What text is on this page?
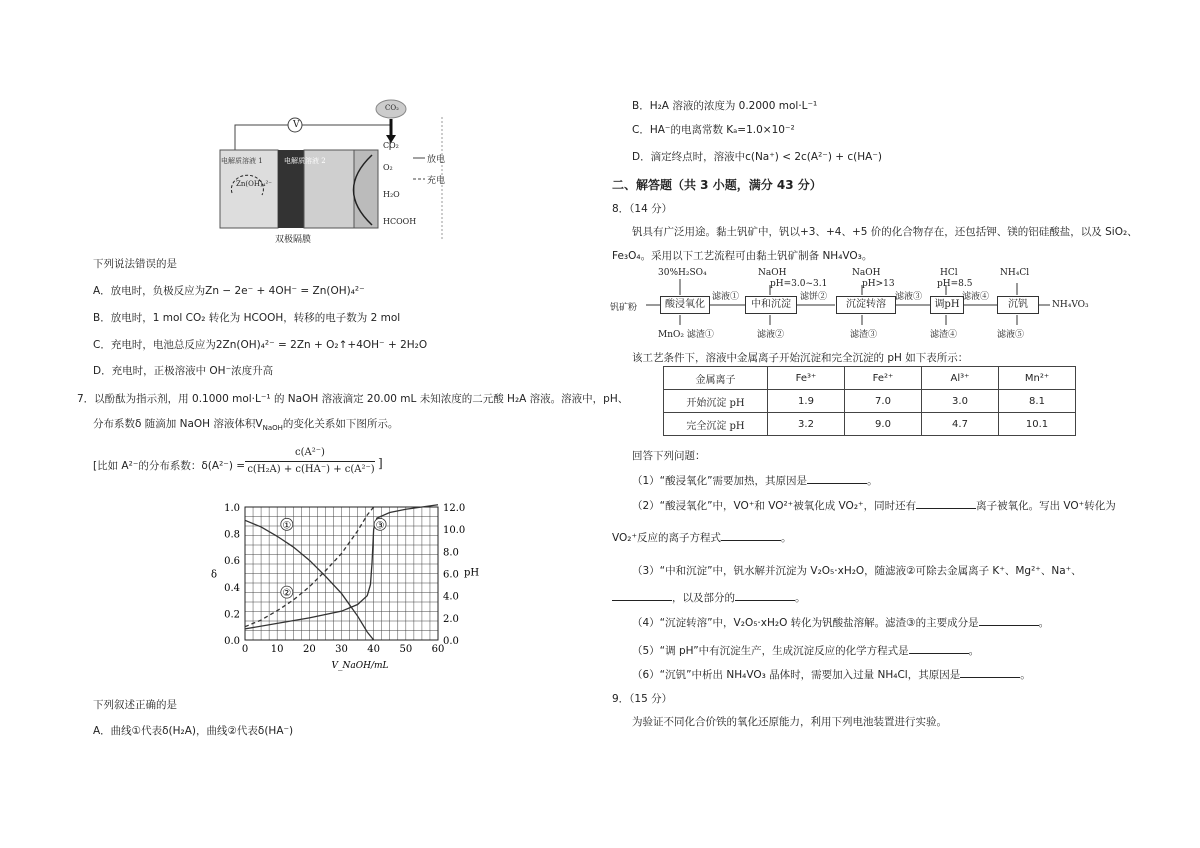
V
CO₂
CO₂
O₂
H₂O
HCOOH
放电
充电
电解质溶液 1	电解质溶液 2
Zn(OH)₄²⁻
双极隔膜
下列说法错误的是
A．放电时，负极反应为Zn − 2e⁻ + 4OH⁻ = Zn(OH)₄²⁻
B．放电时，1 mol CO₂ 转化为 HCOOH，转移的电子数为 2 mol
C．充电时，电池总反应为2Zn(OH)₄²⁻ = 2Zn + O₂↑+4OH⁻ + 2H₂O
D．充电时，正极溶液中 OH⁻浓度升高
7．以酚酞为指示剂，用 0.1000 mol·L⁻¹ 的 NaOH 溶液滴定 20.00 mL 未知浓度的二元酸 H₂A 溶液。溶液中，pH、
分布系数δ 随滴加 NaOH 溶液体积$V_{NaOH}$的变化关系如下图所示。
[比如 A²⁻的分布系数：δ(A²⁻) =
c(A²⁻)
c(H₂A) + c(HA⁻) + c(A²⁻) ]
0 10 20 30 40 50 60
0.0
0.2
0.4
0.6
0.8
1.0
0.0
2.0
4.0
6.0
8.0
10.0
12.0
V_NaOH/mL
δ	pH
①
②
③
下列叙述正确的是
A．曲线①代表δ(H₂A)，曲线②代表δ(HA⁻)
B．H₂A 溶液的浓度为 0.2000 mol·L⁻¹
C．HA⁻的电离常数 Kₐ=1.0×10⁻²
D．滴定终点时，溶液中c(Na⁺) < 2c(A²⁻) + c(HA⁻)
二、解答题（共 3 小题，满分 43 分）
8．（14 分）
钒具有广泛用途。黏土钒矿中，钒以+3、+4、+5 价的化合物存在，还包括钾、镁的铝硅酸盐，以及 SiO₂、
Fe₃O₄。采用以下工艺流程可由黏土钒矿制备 NH₄VO₃。
钒矿粉
30%H₂SO₄
酸浸氧化
MnO₂ 滤渣①
滤液①
NaOH
pH=3.0~3.1
中和沉淀
滤液②
滤饼②
NaOH
pH>13
沉淀转溶
滤渣③
滤液③
HCl
pH=8.5
调pH
滤渣④
滤液④
NH₄Cl
沉钒
滤液⑤
NH₄VO₃
该工艺条件下，溶液中金属离子开始沉淀和完全沉淀的 pH 如下表所示：
金属离子	Fe³⁺	Fe²⁺	Al³⁺	Mn²⁺
开始沉淀 pH	1.9	7.0	3.0	8.1
完全沉淀 pH	3.2	9.0	4.7	10.1
回答下列问题：
（1）“酸浸氧化”需要加热，其原因是	。
（2）“酸浸氧化”中，VO⁺和 VO²⁺被氧化成 VO₂⁺，同时还有	离子被氧化。写出 VO⁺转化为
VO₂⁺反应的离子方程式	。
（3）“中和沉淀”中，钒水解并沉淀为 V₂O₅·xH₂O，随滤液②可除去金属离子 K⁺、Mg²⁺、Na⁺、
，以及部分的	。
（4）“沉淀转溶”中，V₂O₅·xH₂O 转化为钒酸盐溶解。滤渣③的主要成分是	。
（5）“调 pH”中有沉淀生产，生成沉淀反应的化学方程式是	。
（6）“沉钒”中析出 NH₄VO₃ 晶体时，需要加入过量 NH₄Cl，其原因是	。
9．（15 分）
为验证不同化合价铁的氧化还原能力，利用下列电池装置进行实验。
